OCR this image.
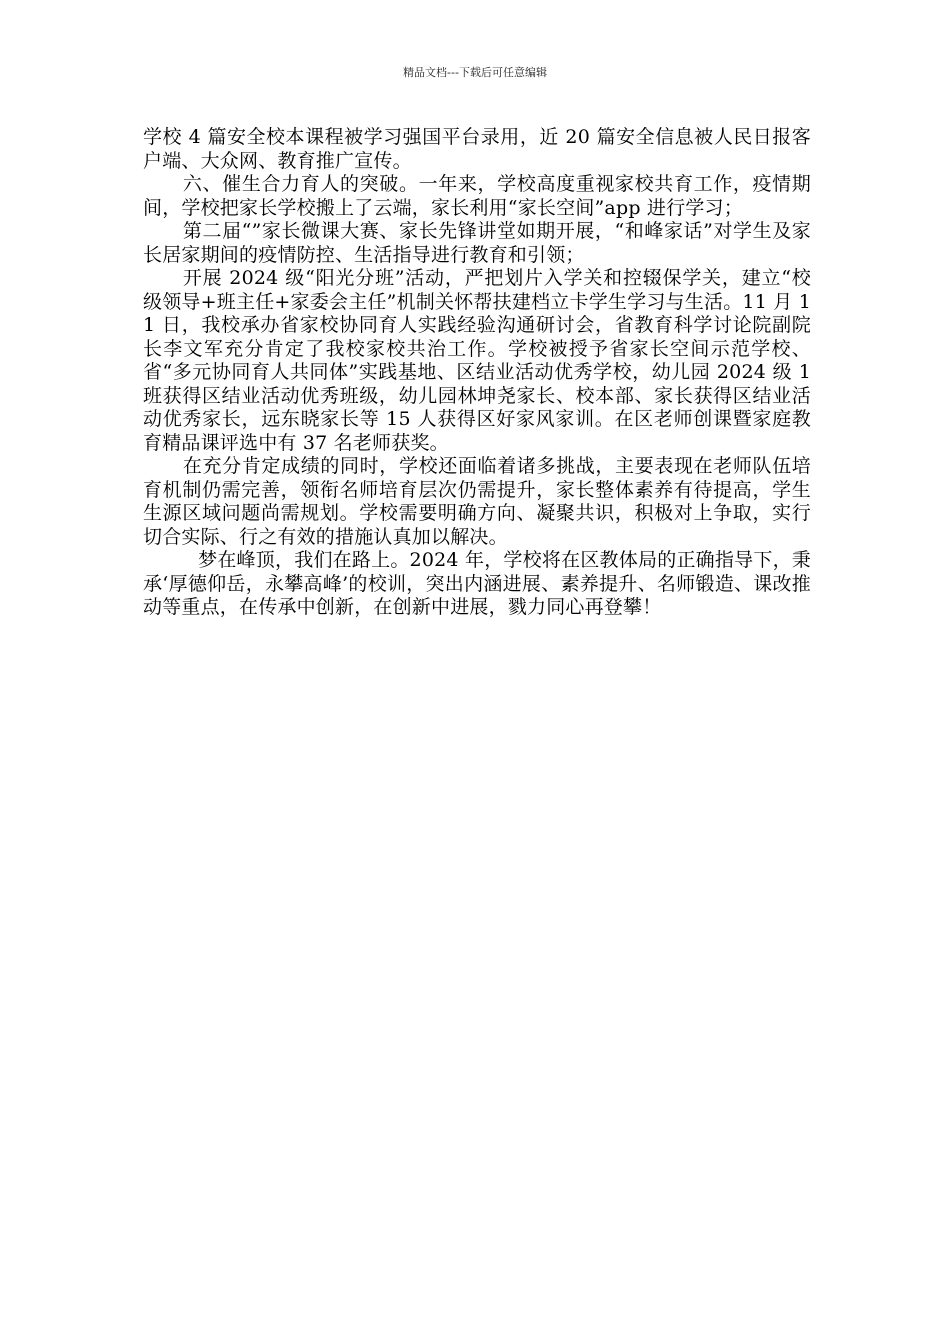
精品文档---下载后可任意编辑

学校 4 篇安全校本课程被学习强国平台录用，近 20 篇安全信息被人民日报客户端、大众网、教育推广宣传。

六、催生合力育人的突破。一年来，学校高度重视家校共育工作，疫情期间，学校把家长学校搬上了云端，家长利用“家长空间”app 进行学习；

第二届“”家长微课大赛、家长先锋讲堂如期开展，“和峰家话”对学生及家长居家期间的疫情防控、生活指导进行教育和引领；

开展 2024 级“阳光分班”活动，严把划片入学关和控辍保学关，建立“校级领导+班主任+家委会主任”机制关怀帮扶建档立卡学生学习与生活。11 月 11 日，我校承办省家校协同育人实践经验沟通研讨会，省教育科学讨论院副院长李文军充分肯定了我校家校共治工作。学校被授予省家长空间示范学校、省“多元协同育人共同体”实践基地、区结业活动优秀学校，幼儿园 2024 级 1 班获得区结业活动优秀班级，幼儿园林坤尧家长、校本部、家长获得区结业活动优秀家长，远东晓家长等 15 人获得区好家风家训。在区老师创课暨家庭教育精品课评选中有 37 名老师获奖。

在充分肯定成绩的同时，学校还面临着诸多挑战，主要表现在老师队伍培育机制仍需完善，领衔名师培育层次仍需提升，家长整体素养有待提高，学生生源区域问题尚需规划。学校需要明确方向、凝聚共识，积极对上争取，实行切合实际、行之有效的措施认真加以解决。

梦在峰顶，我们在路上。2024 年，学校将在区教体局的正确指导下，秉承‘厚德仰岳，永攀高峰’的校训，突出内涵进展、素养提升、名师锻造、课改推动等重点，在传承中创新，在创新中进展，戮力同心再登攀！
